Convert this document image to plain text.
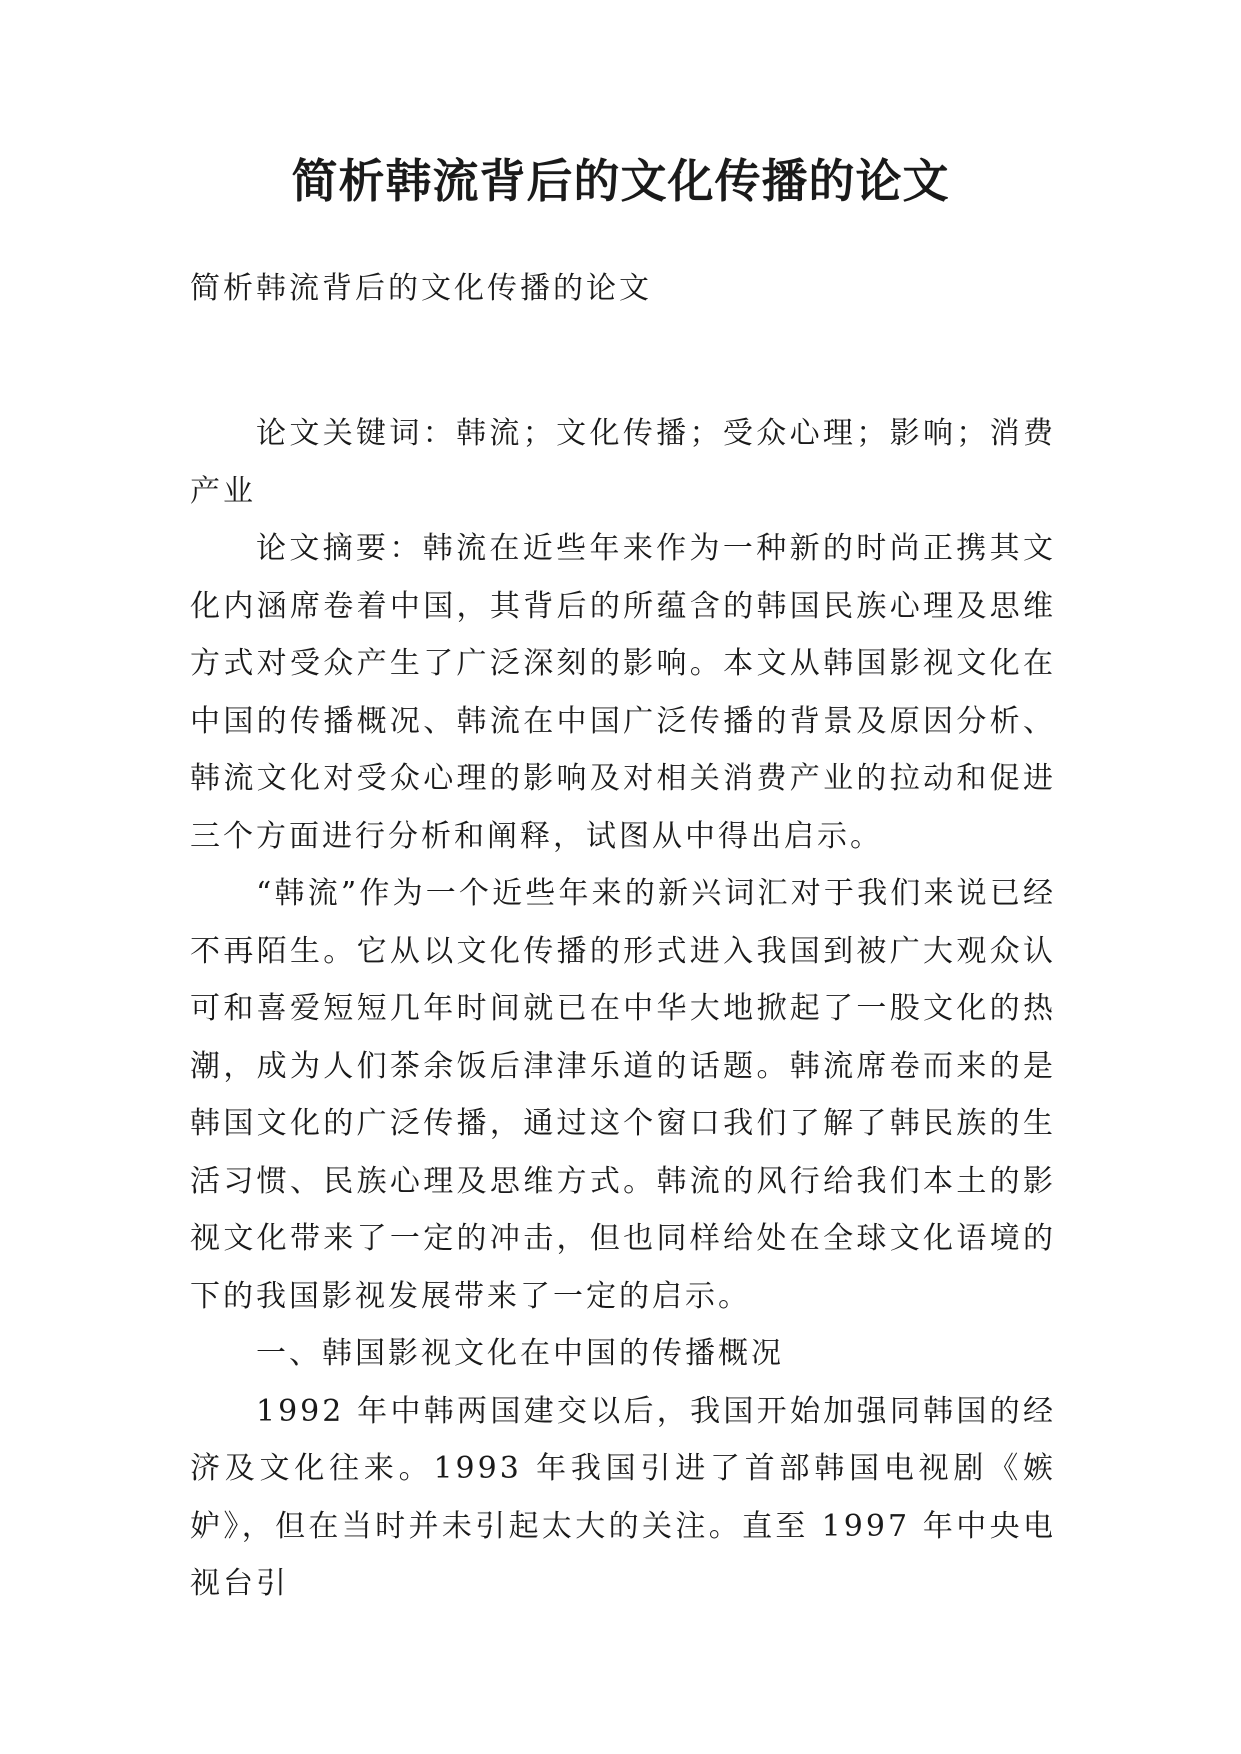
简析韩流背后的文化传播的论文

简析韩流背后的文化传播的论文

论文关键词：韩流；文化传播；受众心理；影响；消费产业

论文摘要：韩流在近些年来作为一种新的时尚正携其文化内涵席卷着中国，其背后的所蕴含的韩国民族心理及思维方式对受众产生了广泛深刻的影响。本文从韩国影视文化在中国的传播概况、韩流在中国广泛传播的背景及原因分析、韩流文化对受众心理的影响及对相关消费产业的拉动和促进三个方面进行分析和阐释，试图从中得出启示。

“韩流”作为一个近些年来的新兴词汇对于我们来说已经不再陌生。它从以文化传播的形式进入我国到被广大观众认可和喜爱短短几年时间就已在中华大地掀起了一股文化的热潮，成为人们茶余饭后津津乐道的话题。韩流席卷而来的是韩国文化的广泛传播，通过这个窗口我们了解了韩民族的生活习惯、民族心理及思维方式。韩流的风行给我们本土的影视文化带来了一定的冲击，但也同样给处在全球文化语境的下的我国影视发展带来了一定的启示。

一、韩国影视文化在中国的传播概况

1992 年中韩两国建交以后，我国开始加强同韩国的经济及文化往来。1993 年我国引进了首部韩国电视剧《嫉妒》，但在当时并未引起太大的关注。直至 1997 年中央电视台引
